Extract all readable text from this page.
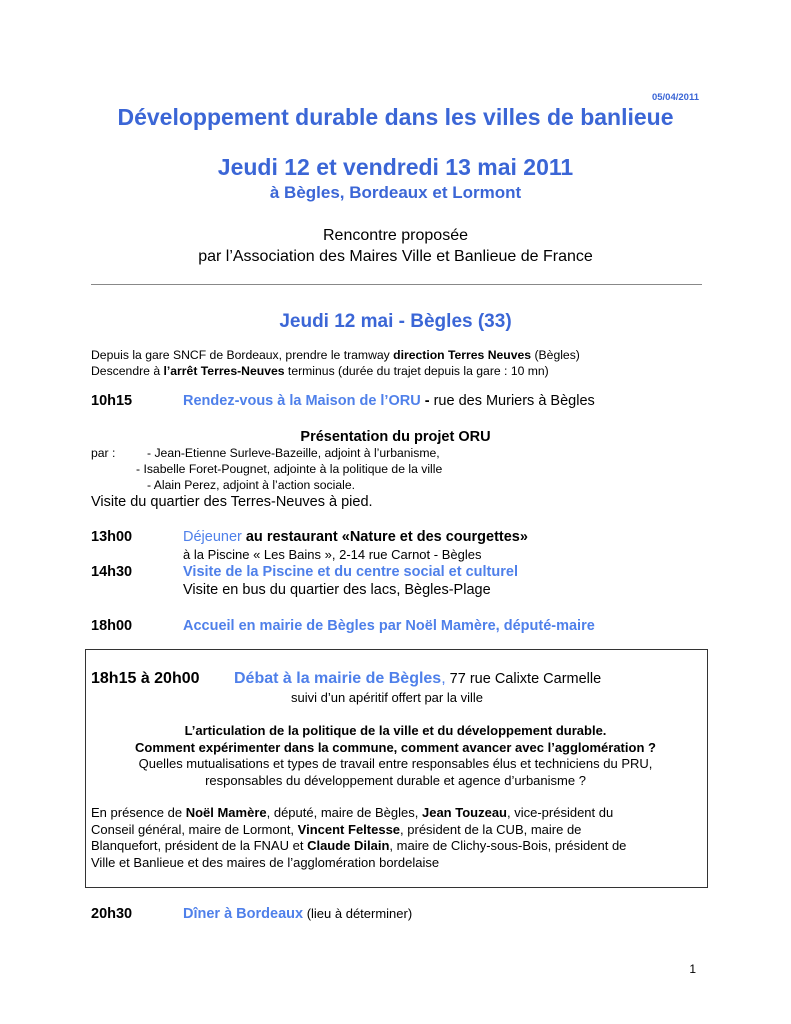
05/04/2011
Développement durable dans les villes de banlieue
Jeudi 12 et vendredi 13 mai 2011
à Bègles, Bordeaux et Lormont
Rencontre proposée
par l’Association des Maires Ville et Banlieue de France
Jeudi 12 mai - Bègles (33)
Depuis la gare SNCF de Bordeaux, prendre le tramway direction Terres Neuves (Bègles)
Descendre à l’arrêt Terres-Neuves terminus (durée du trajet depuis la gare : 10 mn)
10h15	Rendez-vous à la Maison de l’ORU - rue des Muriers à Bègles
Présentation du projet ORU
par :	- Jean-Etienne Surleve-Bazeille, adjoint à l’urbanisme,
- Isabelle Foret-Pougnet, adjointe à la politique de la ville
- Alain Perez, adjoint à l’action sociale.
Visite du quartier des Terres-Neuves à pied.
13h00	Déjeuner au restaurant «Nature et des courgettes»
à la Piscine « Les Bains », 2-14 rue Carnot - Bègles
14h30	Visite de la Piscine et du centre social et culturel
Visite en bus du quartier des lacs, Bègles-Plage
18h00	Accueil en mairie de Bègles par Noël Mamère, député-maire
18h15 à 20h00 Débat à la mairie de Bègles, 77 rue Calixte Carmelle
suivi d’un apéritif offert par la ville
L’articulation de la politique de la ville et du développement durable.
Comment expérimenter dans la commune, comment avancer avec l’agglomération ?
Quelles mutualisations et types de travail entre responsables élus et techniciens du PRU,
responsables du développement durable et agence d’urbanisme ?
En présence de Noël Mamère, député, maire de Bègles, Jean Touzeau, vice-président du
Conseil général, maire de Lormont, Vincent Feltesse, président de la CUB, maire de
Blanquefort, président de la FNAU et Claude Dilain, maire de Clichy-sous-Bois, président de
Ville et Banlieue et des maires de l’agglomération bordelaise
20h30	Dîner à Bordeaux (lieu à déterminer)
1
